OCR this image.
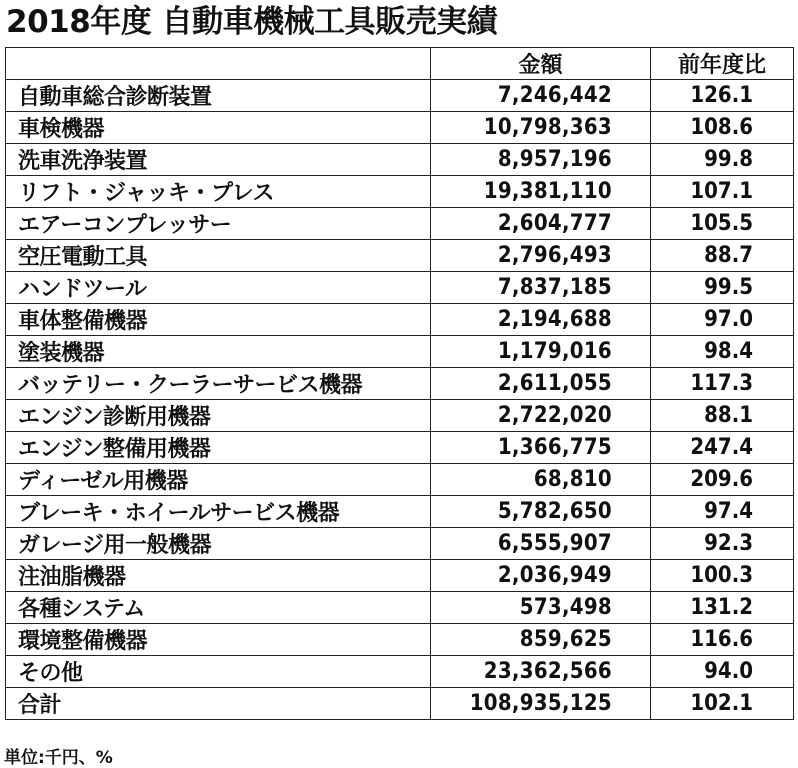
2018年度 自動車機械工具販売実績
	金額	前年度比
自動車総合診断装置	7,246,442	126.1
車検機器	10,798,363	108.6
洗車洗浄装置	8,957,196	99.8
リフト・ジャッキ・プレス	19,381,110	107.1
エアーコンプレッサー	2,604,777	105.5
空圧電動工具	2,796,493	88.7
ハンドツール	7,837,185	99.5
車体整備機器	2,194,688	97.0
塗装機器	1,179,016	98.4
バッテリー・クーラーサービス機器	2,611,055	117.3
エンジン診断用機器	2,722,020	88.1
エンジン整備用機器	1,366,775	247.4
ディーゼル用機器	68,810	209.6
ブレーキ・ホイールサービス機器	5,782,650	97.4
ガレージ用一般機器	6,555,907	92.3
注油脂機器	2,036,949	100.3
各種システム	573,498	131.2
環境整備機器	859,625	116.6
その他	23,362,566	94.0
合計	108,935,125	102.1
単位:千円、%
